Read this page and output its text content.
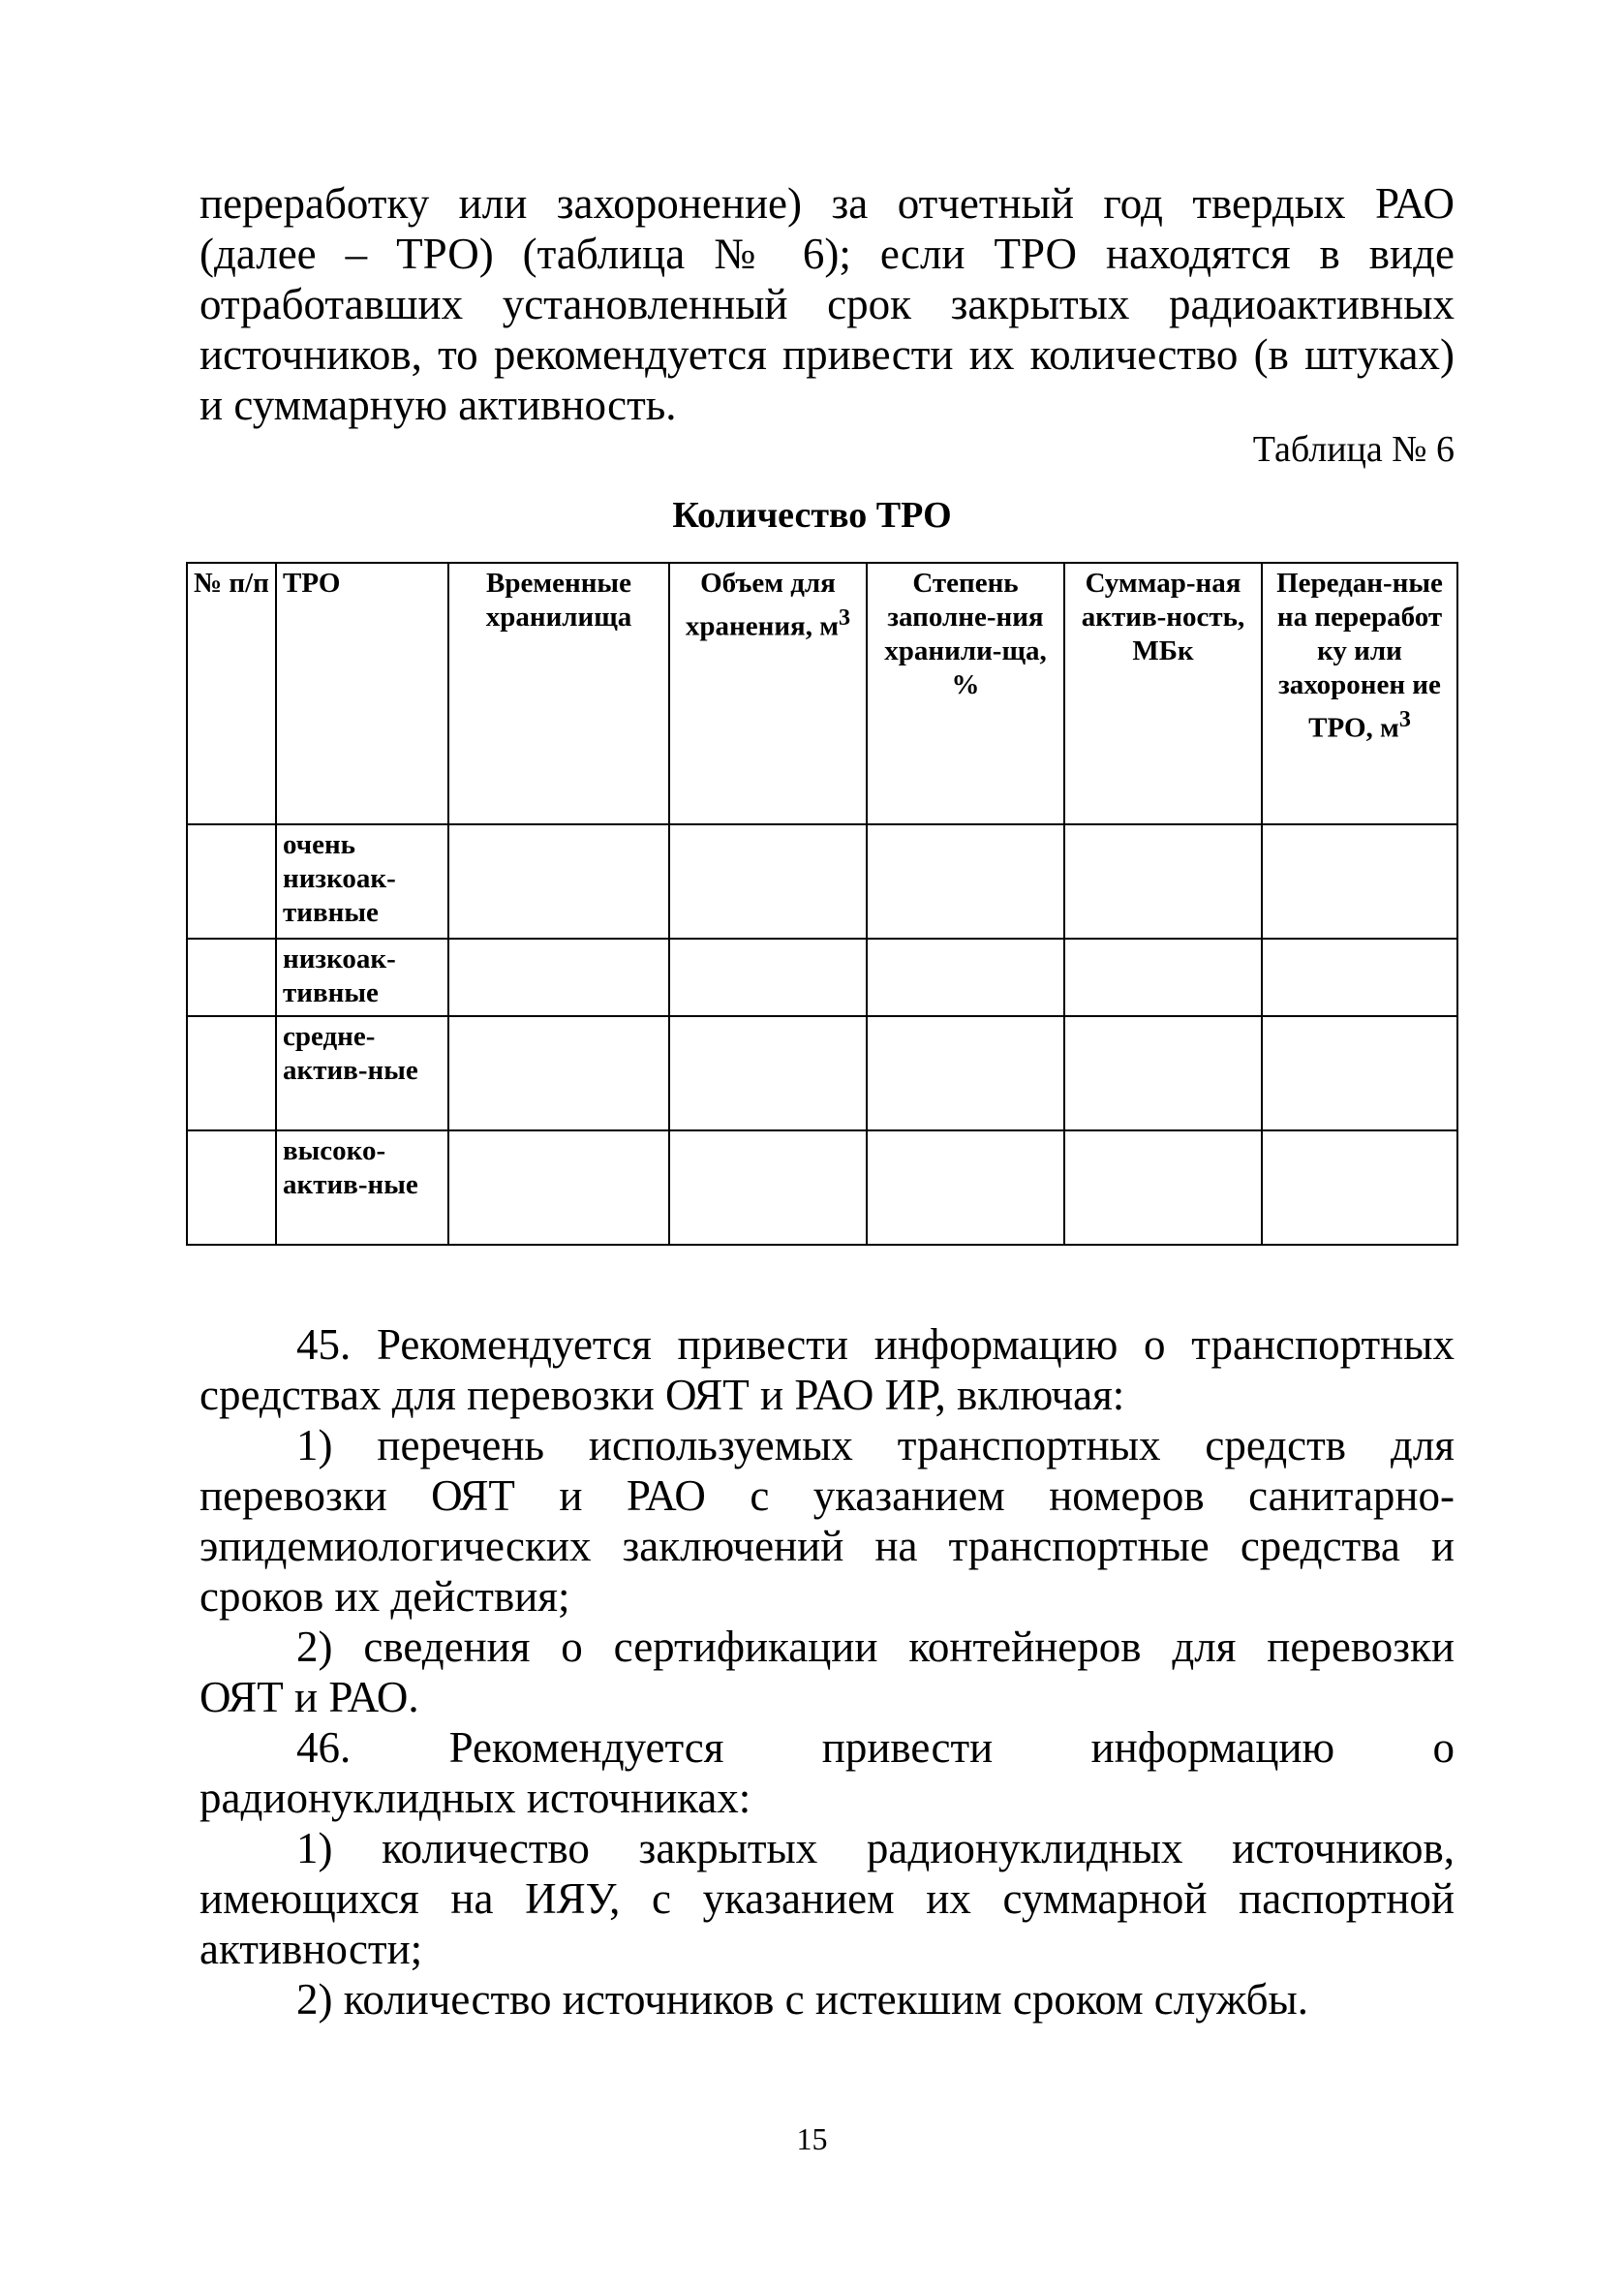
переработку или захоронение) за отчетный год твердых РАО
(далее – ТРО) (таблица № 6); если ТРО находятся в виде
отработавших установленный срок закрытых радиоактивных
источников, то рекомендуется привести их количество (в штуках)
и суммарную активность.
Таблица № 6
Количество ТРО
№ п/п	ТРО	Временные хранилища	Объем для хранения, $м^3$	Степень заполне-ния хранили-ща, %	Суммар-ная актив-ность, МБк	Передан-ные на переработ ку или захоронен ие ТРО, $м^3$
	очень низкоак-тивные					
	низкоак-тивные					
	средне-актив-ные					
	высоко-актив-ные					
45. Рекомендуется привести информацию о транспортных
средствах для перевозки ОЯТ и РАО ИР, включая:
1) перечень используемых транспортных средств для
перевозки ОЯТ и РАО с указанием номеров санитарно-
эпидемиологических заключений на транспортные средства и
сроков их действия;
2) сведения о сертификации контейнеров для перевозки
ОЯТ и РАО.
46. Рекомендуется привести информацию о
радионуклидных источниках:
1) количество закрытых радионуклидных источников,
имеющихся на ИЯУ, с указанием их суммарной паспортной
активности;
2) количество источников с истекшим сроком службы.
15
